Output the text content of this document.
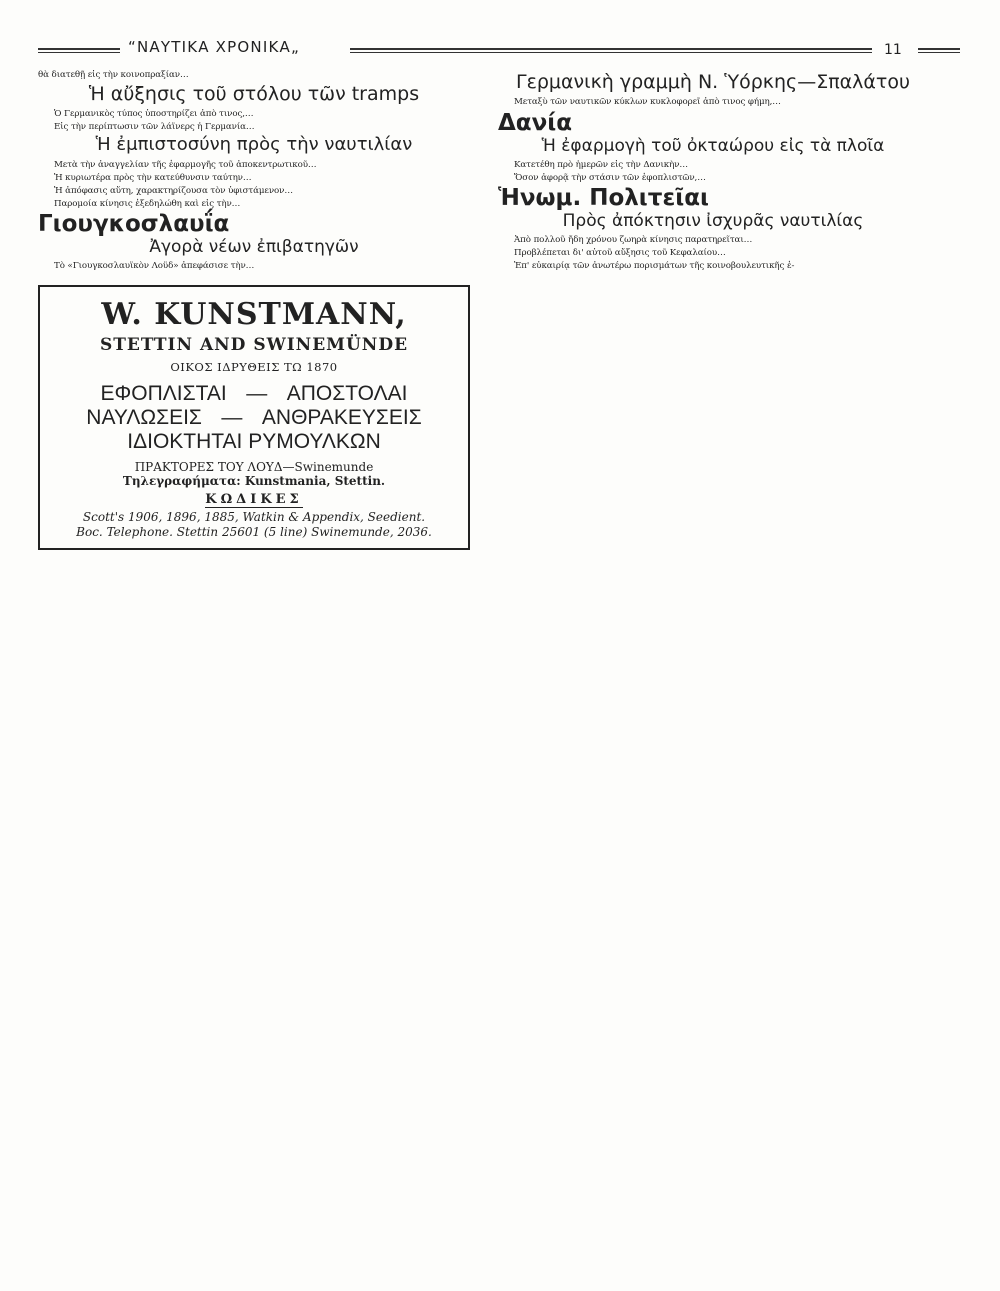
“ΝΑΥΤΙΚΑ ΧΡΟΝΙΚΑ„	11

θὰ διατεθῇ εἰς τὴν κοινοπραξίαν…

Ἡ αὔξησις τοῦ στόλου τῶν tramps

Ὁ Γερμανικὸς τύπος ὑποστηρίζει ἀπὸ τινος,…

Εἰς τὴν περίπτωσιν τῶν λάϊνερς ἡ Γερμανία…

Ἡ ἐμπιστοσύνη πρὸς τὴν ναυτιλίαν

Μετὰ τὴν ἀναγγελίαν τῆς ἐφαρμογῆς τοῦ ἀποκεντρωτικοῦ…

Ἡ κυριωτέρα πρὸς τὴν κατεύθυνσιν ταύτην…

Ἡ ἀπόφασις αὕτη, χαρακτηρίζουσα τὸν ὑφιστάμενον…

Παρομοία κίνησις ἐξεδηλώθη καὶ εἰς τὴν…

Γιουγκοσλαυΐα
Ἀγορὰ νέων ἐπιβατηγῶν

Τὸ «Γιουγκοσλαυϊκὸν Λοϋδ» ἀπεφάσισε τὴν…

W. KUNSTMANN,
STETTIN AND SWINEMÜNDE
ΟΙΚΟΣ ΙΔΡΥΘΕΙΣ ΤΩ 1870
ΕΦΟΠΛΙΣΤΑΙ — ΑΠΟΣΤΟΛΑΙ
ΝΑΥΛΩΣΕΙΣ — ΑΝΘΡΑΚΕΥΣΕΙΣ
ΙΔΙΟΚΤΗΤΑΙ ΡΥΜΟΥΛΚΩΝ
ΠΡΑΚΤΟΡΕΣ ΤΟΥ ΛΟΥΔ—Swinemunde
Τηλεγραφήματα: Kunstmania, Stettin.
ΚΩΔΙΚΕΣ
Scott's 1906, 1896, 1885, Watkin & Appendix, Seedient.
Boc. Telephone. Stettin 25601 (5 line) Swinemunde, 2036.
Γερμανικὴ γραμμὴ Ν. Ὑόρκης—Σπαλάτου

Μεταξὺ τῶν ναυτικῶν κύκλων κυκλοφορεῖ ἀπὸ τινος φήμη,…

Δανία
Ἡ ἐφαρμογὴ τοῦ ὀκταώρου εἰς τὰ πλοῖα

Κατετέθη πρὸ ἡμερῶν εἰς τὴν Δανικὴν…

Ὅσον ἀφορᾷ τὴν στάσιν τῶν ἐφοπλιστῶν,…

Ἡνωμ. Πολιτεῖαι
Πρὸς ἀπόκτησιν ἰσχυρᾶς ναυτιλίας

Ἀπὸ πολλοῦ ἤδη χρόνου ζωηρὰ κίνησις παρατηρεῖται…

Προβλέπεται δι' αὐτοῦ αὔξησις τοῦ Κεφαλαίου…

Ἐπ' εὐκαιρίᾳ τῶν ἀνωτέρω πορισμάτων τῆς κοινοβουλευτικῆς ἐ-
